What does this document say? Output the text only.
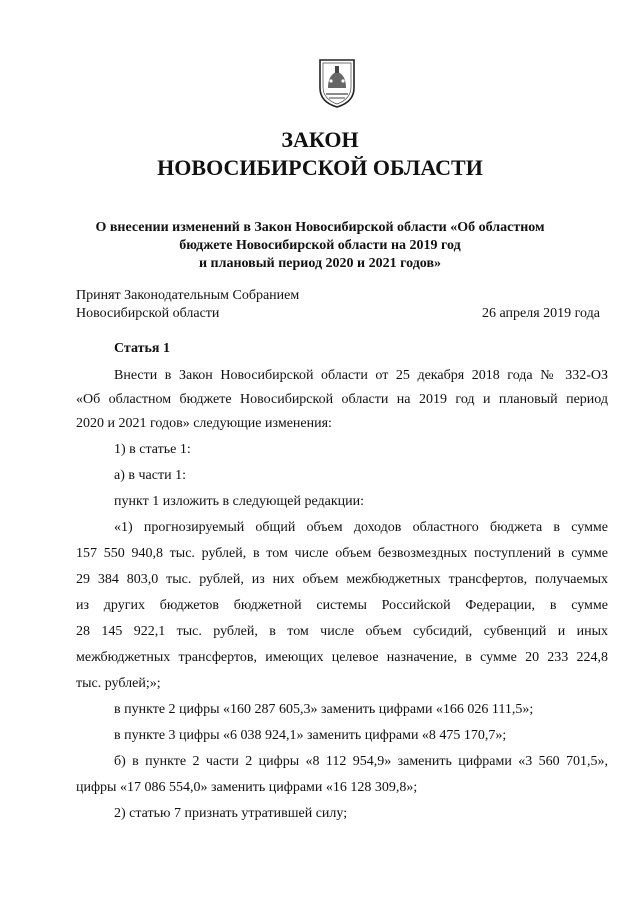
ЗАКОН
НОВОСИБИРСКОЙ ОБЛАСТИ
О внесении изменений в Закон Новосибирской области «Об областном
бюджете Новосибирской области на 2019 год
и плановый период 2020 и 2021 годов»
Принят Законодательным Собранием
Новосибирской области	26 апреля 2019 года
Статья 1
Внести в Закон Новосибирской области от 25 декабря 2018 года № 332-ОЗ
«Об областном бюджете Новосибирской области на 2019 год и плановый период
2020 и 2021 годов» следующие изменения:
1) в статье 1:
а) в части 1:
пункт 1 изложить в следующей редакции:
«1) прогнозируемый общий объем доходов областного бюджета в сумме
157 550 940,8 тыс. рублей, в том числе объем безвозмездных поступлений в сумме
29 384 803,0 тыс. рублей, из них объем межбюджетных трансфертов, получаемых
из других бюджетов бюджетной системы Российской Федерации, в сумме
28 145 922,1 тыс. рублей, в том числе объем субсидий, субвенций и иных
межбюджетных трансфертов, имеющих целевое назначение, в сумме 20 233 224,8
тыс. рублей;»;
в пункте 2 цифры «160 287 605,3» заменить цифрами «166 026 111,5»;
в пункте 3 цифры «6 038 924,1» заменить цифрами «8 475 170,7»;
б) в пункте 2 части 2 цифры «8 112 954,9» заменить цифрами «3 560 701,5»,
цифры «17 086 554,0» заменить цифрами «16 128 309,8»;
2) статью 7 признать утратившей силу;
